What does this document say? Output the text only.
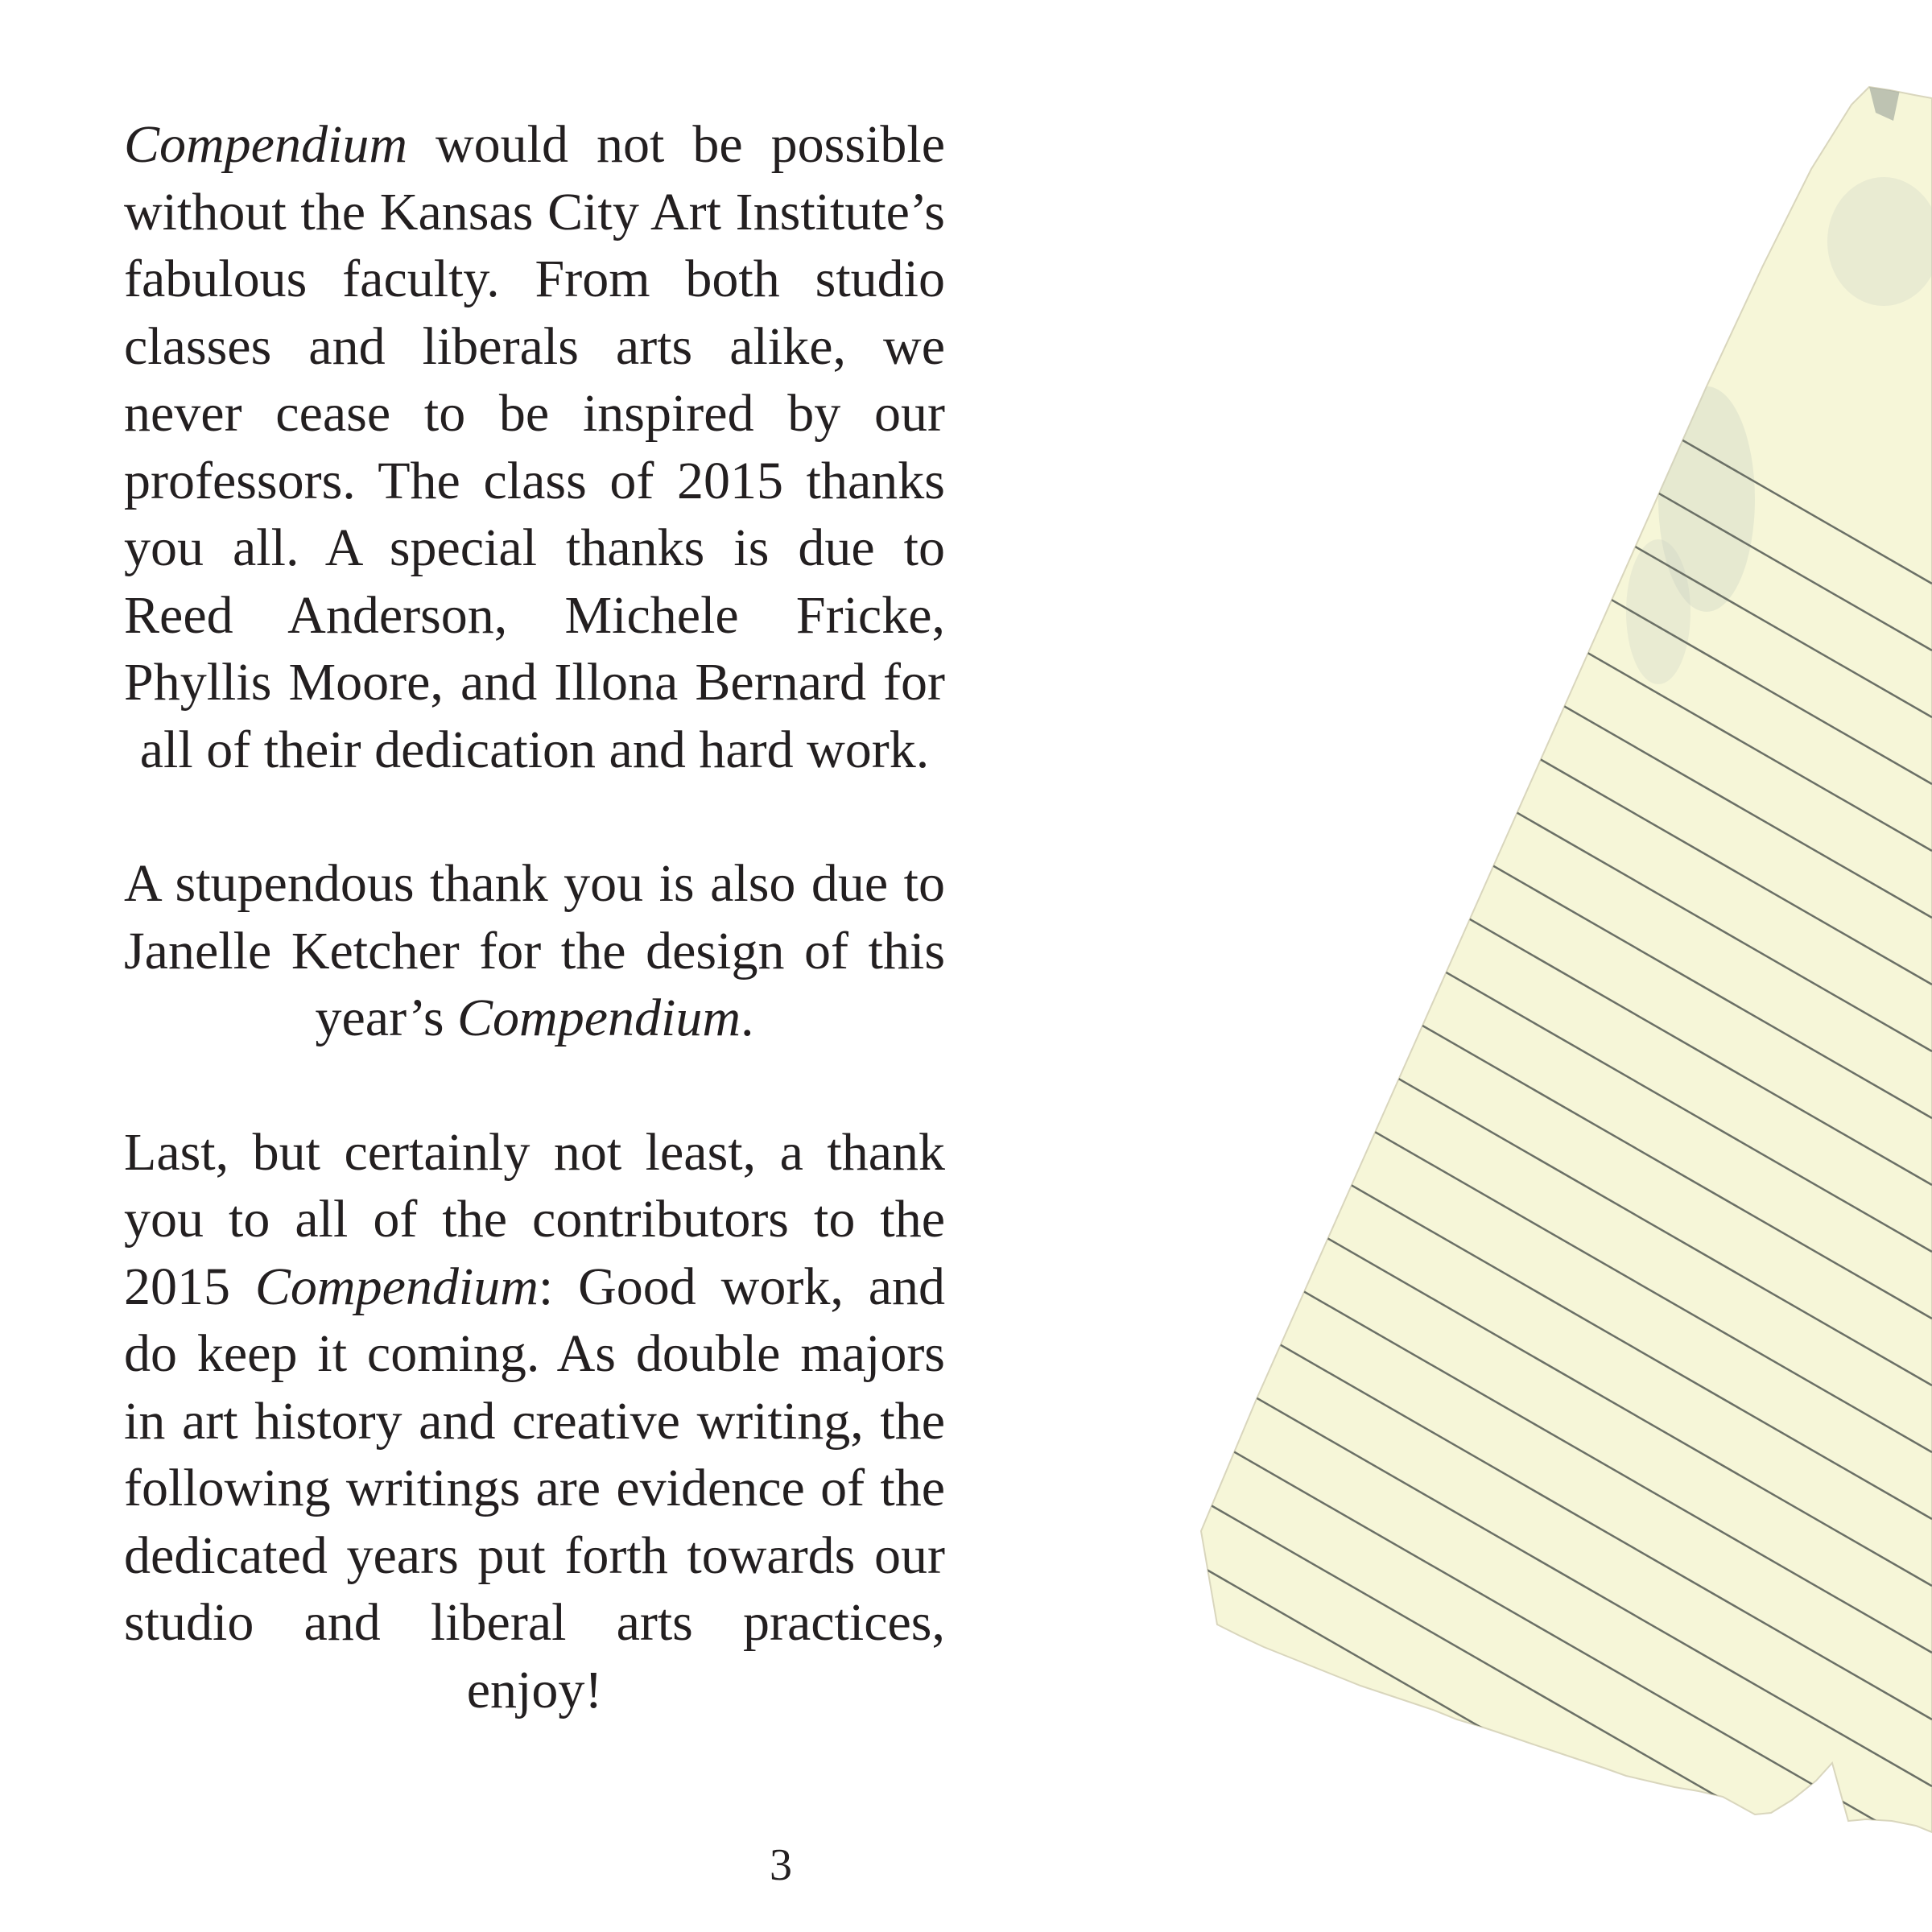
Compendium would not be possible without the Kansas City Art Institute’s fabulous faculty. From both studio classes and liberals arts alike, we never cease to be inspired by our professors. The class of 2015 thanks you all. A special thanks is due to Reed Anderson, Michele Fricke, Phyllis Moore, and Illona Bernard for all of their dedication and hard work.

A stupendous thank you is also due to Janelle Ketcher for the design of this year’s Compendium.

Last, but certainly not least, a thank you to all of the contributors to the 2015 Compendium: Good work, and do keep it coming. As double majors in art history and creative writing, the following writings are evidence of the dedicated years put forth towards our studio and liberal arts practices, enjoy!

3
